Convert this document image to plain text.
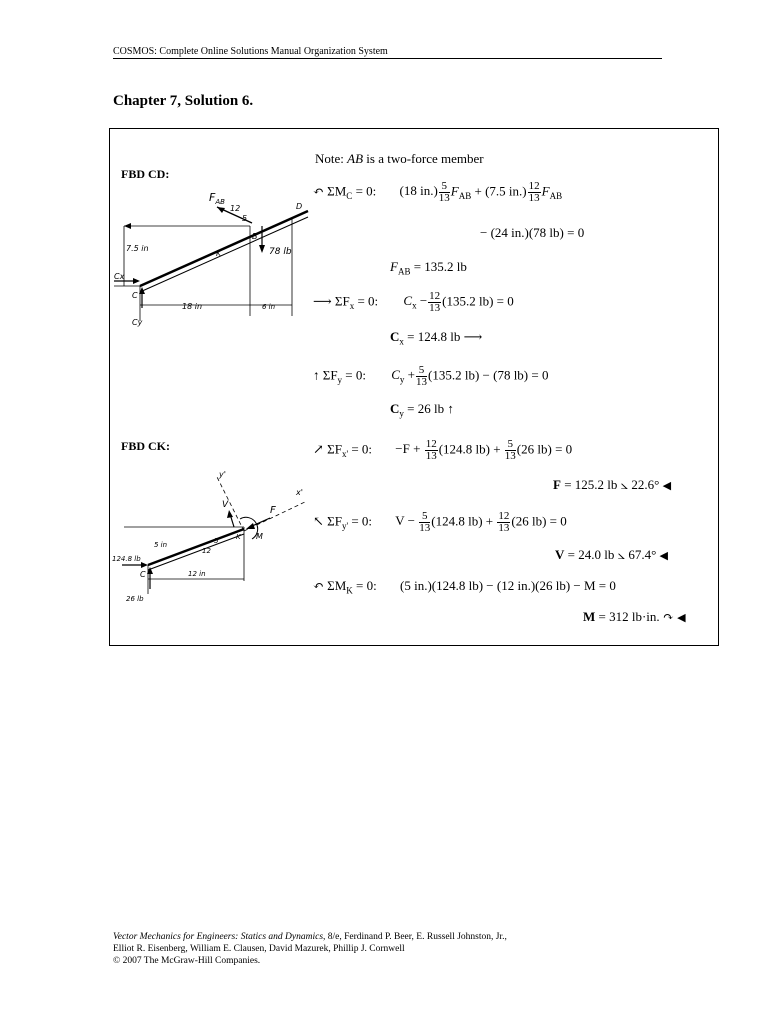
COSMOS: Complete Online Solutions Manual Organization System
Chapter 7, Solution 6.
FBD CD:
FBD CK:
$F_{AB}$
12
5
D
B
K
C
7.5 in	78 lb
18 in	6 in
Cx
Cy
y'
x'
V	F
M
K
C
5 in
12
5
12 in
124.8 lb
26 lb
Note: AB is a two-force member
↶ $\Sigma M_C = 0$: (18 $in.) \frac{5}{13} F_{AB} + (7.5$ $in.) \frac{12}{13} F_{AB}$
− (24 in.)(78 lb) = 0
$F_{AB} = 135.2$ lb
⟶ $\Sigma F_x = 0$: $C_x - \frac{12}{13} (135.2$ lb) = 0
$C_x = 124.8$ lb ⟶
↑ $\Sigma F_y = 0$: $C_y + \frac{5}{13} (135.2$ lb) − (78 lb) = 0
$C_y = 26$ lb ↑
↗ $\Sigma F_{x'} = 0$: $-F + \frac{12}{13} (124.8$ $lb) + \frac{5}{13} (26$ lb) = 0
F = 125.2 lb ⦣ 22.6° ◀
↖ $\Sigma F_{y'} = 0$: $V - \frac{5}{13} (124.8$ $lb) + \frac{12}{13} (26$ lb) = 0
V = 24.0 lb ⦣ 67.4° ◀
↶ $\Sigma M_K = 0$: (5 in.)(124.8 lb) − (12 in.)(26 lb) − M = 0
M = 312 lb·in. ↷ ◀
Vector Mechanics for Engineers: Statics and Dynamics, 8/e, Ferdinand P. Beer, E. Russell Johnston, Jr.,
Elliot R. Eisenberg, William E. Clausen, David Mazurek, Phillip J. Cornwell
© 2007 The McGraw-Hill Companies.
